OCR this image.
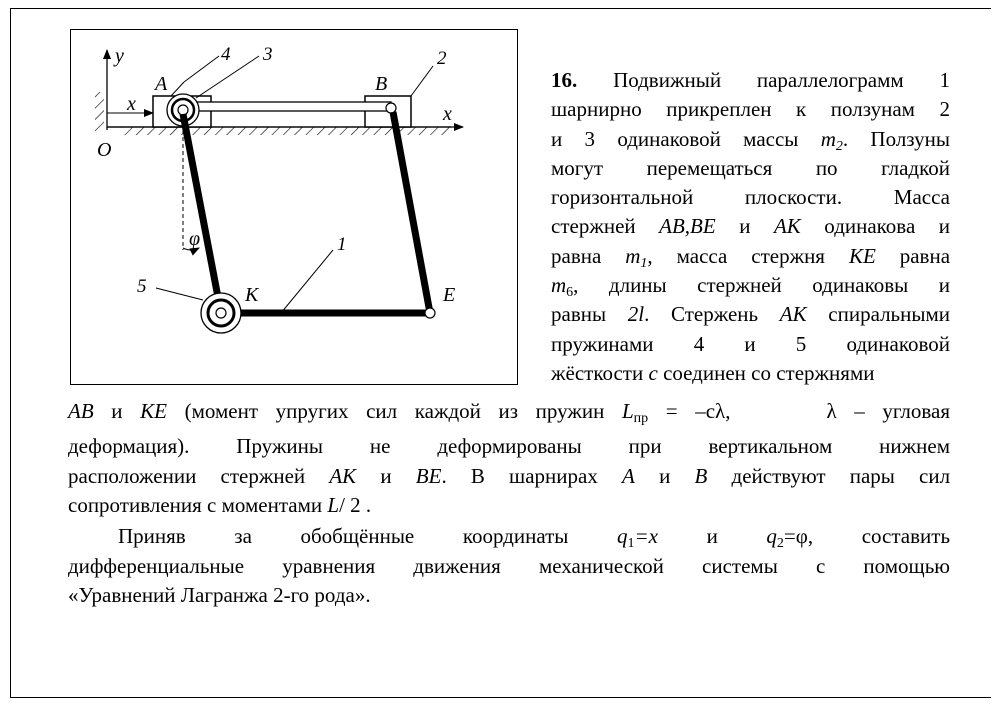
y
x	x
O
A	B
K	E
φ
4 3	2
1
5
16. Подвижный параллелограмм 1
шарнирно прикреплен к ползунам 2
и 3 одинаковой массы $m_2$. Ползуны
могут перемещаться по гладкой
горизонтальной плоскости. Масса
стержней AB,BE и AK одинакова и
равна $m_1$, масса стержня KE равна
$m_6$, длины стержней одинаковы и
равны 2l. Стержень AK спиральными
пружинами 4 и 5 одинаковой
жёсткости c соединен со стержнями
AB и KE (момент упругих сил каждой из пружин $L_{пр} = -c\lambda$,	λ – угловая
деформация). Пружины не деформированы при вертикальном нижнем
расположении стержней AK и BE. В шарнирах A и B действуют пары сил
сопротивления с моментами L/ 2 .
Приняв за обобщённые координаты $q_1=x$ и $q_2=\varphi$, составить
дифференциальные уравнения движения механической системы с помощью
«Уравнений Лагранжа 2-го рода».
